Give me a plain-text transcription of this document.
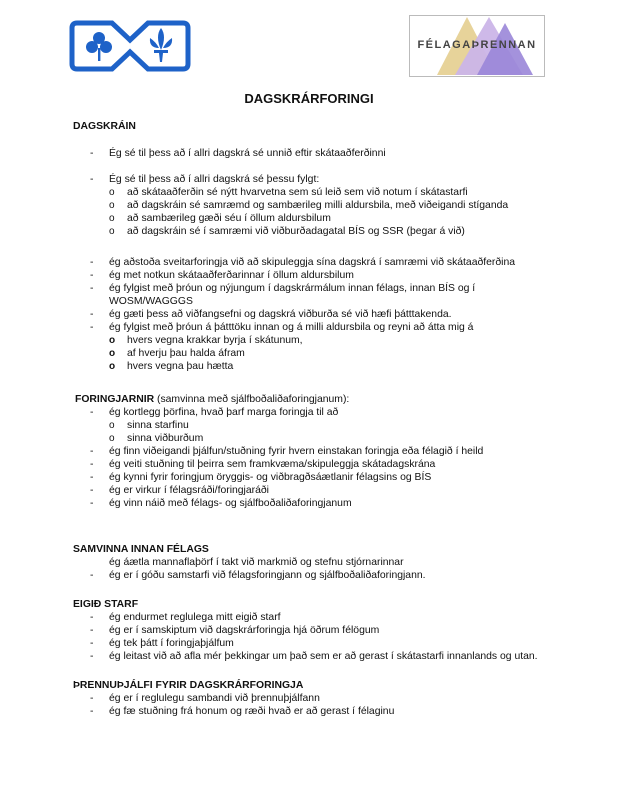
FÉLAGAÞRENNAN
DAGSKRÁRFORINGI
DAGSKRÁIN
- Ég sé til þess að í allri dagskrá sé unnið eftir skátaaðferðinni
- Ég sé til þess að í allri dagskrá sé þessu fylgt:
o að skátaaðferðin sé nýtt hvarvetna sem sú leið sem við notum í skátastarfi
o að dagskráin sé samræmd og sambærileg milli aldursbila, með viðeigandi stíganda
o að sambærileg gæði séu í öllum aldursbilum
o að dagskráin sé í samræmi við viðburðadagatal BÍS og SSR (þegar á við)
- ég aðstoða sveitarforingja við að skipuleggja sína dagskrá í samræmi við skátaaðferðina
- ég met notkun skátaaðferðarinnar í öllum aldursbilum
- ég fylgist með þróun og nýjungum í dagskrármálum innan félags, innan BÍS og í WOSM/WAGGGS
- ég gæti þess að viðfangsefni og dagskrá viðburða sé við hæfi þátttakenda.
- ég fylgist með þróun á þátttöku innan og á milli aldursbila og reyni að átta mig á
o hvers vegna krakkar byrja í skátunum,
o af hverju þau halda áfram
o hvers vegna þau hætta
FORINGJARNIR (samvinna með sjálfboðaliðaforingjanum):
- ég kortlegg þörfina, hvað þarf marga foringja til að
o sinna starfinu
o sinna viðburðum
- ég finn viðeigandi þjálfun/stuðning fyrir hvern einstakan foringja eða félagið í heild
- ég veiti stuðning til þeirra sem framkvæma/skipuleggja skátadagskrána
- ég kynni fyrir foringjum öryggis- og viðbragðsáætlanir félagsins og BÍS
- ég er virkur í félagsráði/foringjaráði
- ég vinn náið með félags- og sjálfboðaliðaforingjanum
SAMVINNA INNAN FÉLAGS
ég áætla mannaflaþörf í takt við markmið og stefnu stjórnarinnar
- ég er í góðu samstarfi við félagsforingjann og sjálfboðaliðaforingjann.
EIGIÐ STARF
- ég endurmet reglulega mitt eigið starf
- ég er í samskiptum við dagskrárforingja hjá öðrum félögum
- ég tek þátt í foringjaþjálfum
- ég leitast við að afla mér þekkingar um það sem er að gerast í skátastarfi innanlands og utan.
ÞRENNUÞJÁLFI FYRIR DAGSKRÁRFORINGJA
- ég er í reglulegu sambandi við þrennuþjálfann
- ég fæ stuðning frá honum og ræði hvað er að gerast í félaginu
